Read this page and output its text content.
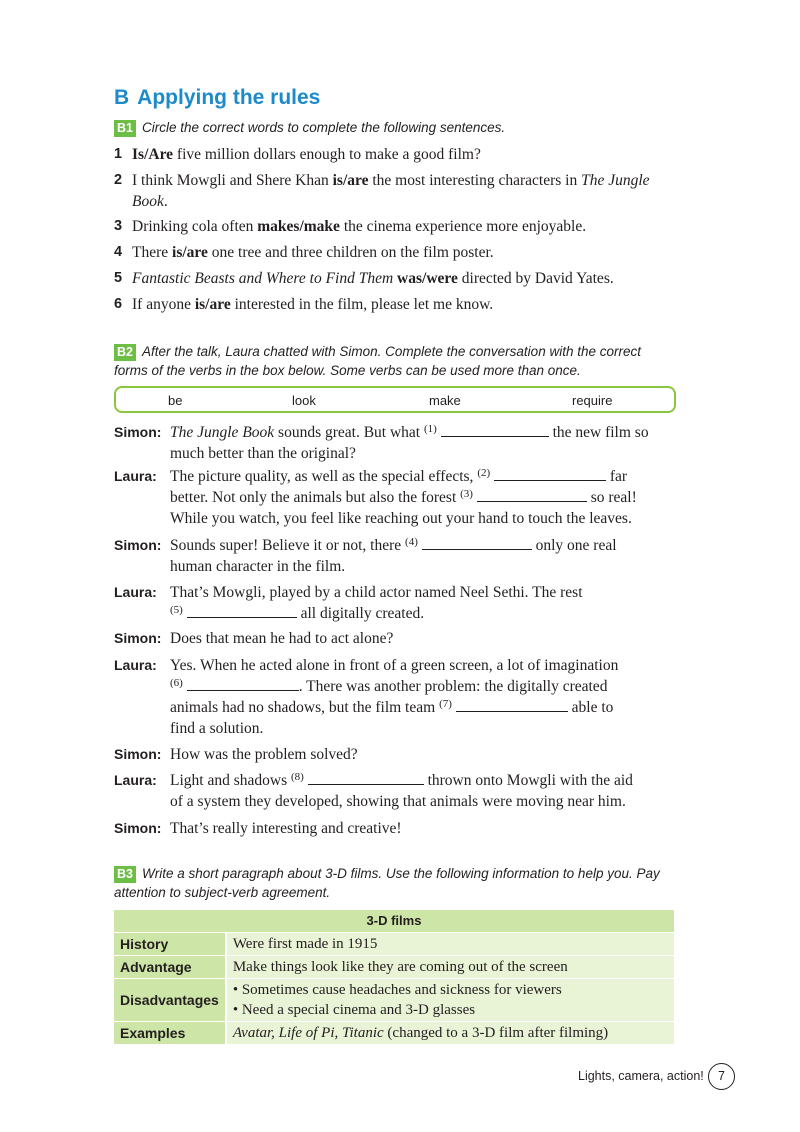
B Applying the rules
B1 Circle the correct words to complete the following sentences.
1 Is/Are five million dollars enough to make a good film?
2 I think Mowgli and Shere Khan is/are the most interesting characters in The Jungle Book.
3 Drinking cola often makes/make the cinema experience more enjoyable.
4 There is/are one tree and three children on the film poster.
5 Fantastic Beasts and Where to Find Them was/were directed by David Yates.
6 If anyone is/are interested in the film, please let me know.
B2 After the talk, Laura chatted with Simon. Complete the conversation with the correct
forms of the verbs in the box below. Some verbs can be used more than once.
be	look	make	require
Simon: The Jungle Book sounds great. But what $^{(1)}$	the new film so
much better than the original?
Laura: The picture quality, as well as the special effects, $^{(2)}$	far
better. Not only the animals but also the forest $^{(3)}$	so real!
While you watch, you feel like reaching out your hand to touch the leaves.
Simon: Sounds super! Believe it or not, there $^{(4)}$	only one real
human character in the film.
Laura: That’s Mowgli, played by a child actor named Neel Sethi. The rest
$^{(5)}$	all digitally created.
Simon: Does that mean he had to act alone?
Laura: Yes. When he acted alone in front of a green screen, a lot of imagination
$^{(6)}$	. There was another problem: the digitally created
animals had no shadows, but the film team $^{(7)}$	able to
find a solution.
Simon: How was the problem solved?
Laura: Light and shadows $^{(8)}$	thrown onto Mowgli with the aid
of a system they developed, showing that animals were moving near him.
Simon: That’s really interesting and creative!
B3 Write a short paragraph about 3-D films. Use the following information to help you. Pay
attention to subject-verb agreement.
3-D films	
History	Were first made in 1915
Advantage	Make things look like they are coming out of the screen
Disadvantages	• Sometimes cause headaches and sickness for viewers
• Need a special cinema and 3-D glasses

Examples	Avatar, Life of Pi, Titanic (changed to a 3-D film after filming)
Lights, camera, action!	7
